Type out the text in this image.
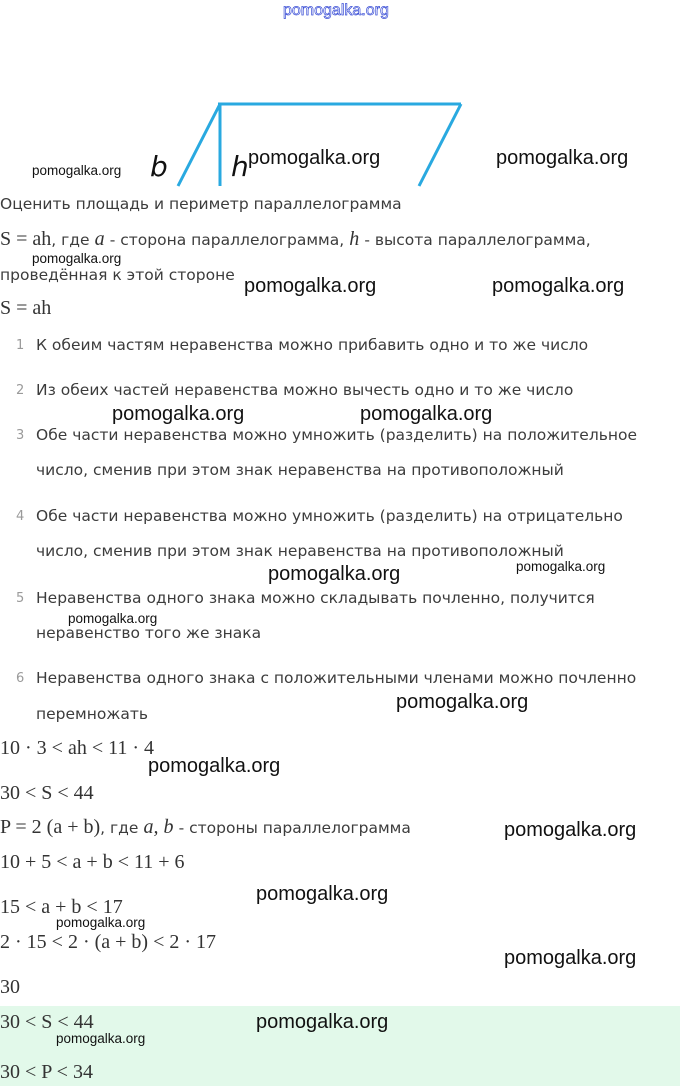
pomogalka.org
b h
pomogalka.org
pomogalka.org	pomogalka.org
pomogalka.org
pomogalka.org	pomogalka.org
pomogalka.org	pomogalka.org
pomogalka.org	pomogalka.org
pomogalka.org
pomogalka.org
pomogalka.org
pomogalka.org
pomogalka.org
pomogalka.org
pomogalka.org
Оценить площадь и периметр параллелограмма
S = ah, где a - сторона параллелограмма, h - высота параллелограмма,
проведённая к этой стороне
S = ah
1 К обеим частям неравенства можно прибавить одно и то же число
2 Из обеих частей неравенства можно вычесть одно и то же число
3 Обе части неравенства можно умножить (разделить) на положительное
число, сменив при этом знак неравенства на противоположный
4 Обе части неравенства можно умножить (разделить) на отрицательно
число, сменив при этом знак неравенства на противоположный
5 Неравенства одного знака можно складывать почленно, получится
неравенство того же знака
6 Неравенства одного знака с положительными членами можно почленно
перемножать
10 · 3 < ah < 11 · 4
30 < S < 44
P = 2 (a + b), где a, b - стороны параллелограмма
10 + 5 < a + b < 11 + 6
15 < a + b < 17
2 · 15 < 2 · (a + b) < 2 · 17
30
30 < S < 44
30 < P < 34
pomogalka.org
pomogalka.org
